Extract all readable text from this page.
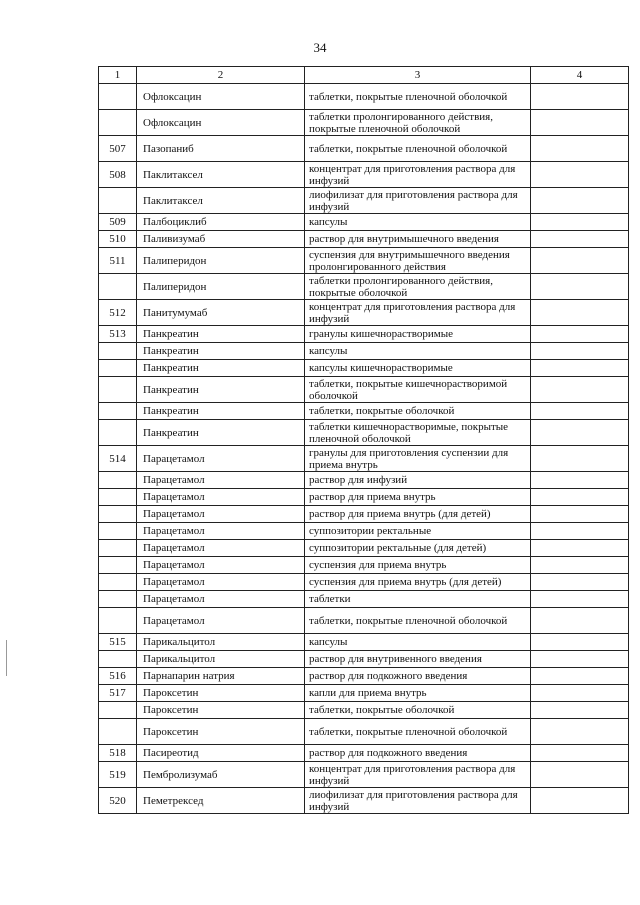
34
1	2	3	4
	Офлоксацин	таблетки, покрытые пленочной оболочкой	
	Офлоксацин	таблетки пролонгированного действия, покрытые пленочной оболочкой	
507	Пазопаниб	таблетки, покрытые пленочной оболочкой	
508	Паклитаксел	концентрат для приготовления раствора для инфузий	
	Паклитаксел	лиофилизат для приготовления раствора для инфузий	
509	Палбоциклиб	капсулы	
510	Паливизумаб	раствор для внутримышечного введения	
511	Палиперидон	суспензия для внутримышечного введения пролонгированного действия	
	Палиперидон	таблетки пролонгированного действия, покрытые оболочкой	
512	Панитумумаб	концентрат для приготовления раствора для инфузий	
513	Панкреатин	гранулы кишечнорастворимые	
	Панкреатин	капсулы	
	Панкреатин	капсулы кишечнорастворимые	
	Панкреатин	таблетки, покрытые кишечнорастворимой оболочкой	
	Панкреатин	таблетки, покрытые оболочкой	
	Панкреатин	таблетки кишечнорастворимые, покрытые пленочной оболочкой	
514	Парацетамол	гранулы для приготовления суспензии для приема внутрь	
	Парацетамол	раствор для инфузий	
	Парацетамол	раствор для приема внутрь	
	Парацетамол	раствор для приема внутрь (для детей)	
	Парацетамол	суппозитории ректальные	
	Парацетамол	суппозитории ректальные (для детей)	
	Парацетамол	суспензия для приема внутрь	
	Парацетамол	суспензия для приема внутрь (для детей)	
	Парацетамол	таблетки	
	Парацетамол	таблетки, покрытые пленочной оболочкой	
515	Парикальцитол	капсулы	
	Парикальцитол	раствор для внутривенного введения	
516	Парнапарин натрия	раствор для подкожного введения	
517	Пароксетин	капли для приема внутрь	
	Пароксетин	таблетки, покрытые оболочкой	
	Пароксетин	таблетки, покрытые пленочной оболочкой	
518	Пасиреотид	раствор для подкожного введения	
519	Пембролизумаб	концентрат для приготовления раствора для инфузий	
520	Пеметрексед	лиофилизат для приготовления раствора для инфузий	
